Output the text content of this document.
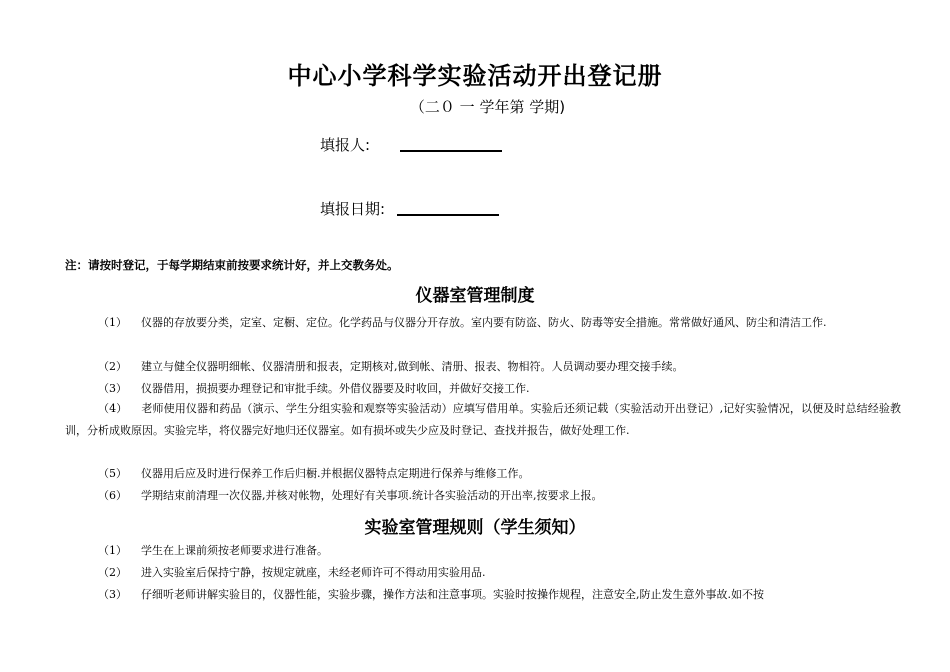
中心小学科学实验活动开出登记册
（二０ 一 学年第 学期)
填报人:
填报日期:
注：请按时登记，于每学期结束前按要求统计好，并上交教务处。
仪器室管理制度
（1） 仪器的存放要分类，定室、定橱、定位。化学药品与仪器分开存放。室内要有防盗、防火、防毒等安全措施。常常做好通风、防尘和清洁工作.
（2） 建立与健全仪器明细帐、仪器清册和报表，定期核对,做到帐、清册、报表、物相符。人员调动要办理交接手续。
（3） 仪器借用，损损要办理登记和审批手续。外借仪器要及时收回，并做好交接工作.
（4） 老师使用仪器和药品（演示、学生分组实验和观察等实验活动）应填写借用单。实验后还须记载（实验活动开出登记）,记好实验情况，以便及时总结经验教训，分析成败原因。实验完毕，将仪器完好地归还仪器室。如有损坏或失少应及时登记、查找并报告，做好处理工作.
（5） 仪器用后应及时进行保养工作后归橱.并根据仪器特点定期进行保养与维修工作。
（6） 学期结束前清理一次仪器,并核对帐物，处理好有关事项.统计各实验活动的开出率,按要求上报。
实验室管理规则（学生须知）
（1） 学生在上课前须按老师要求进行准备。
（2） 进入实验室后保持宁静，按规定就座，未经老师许可不得动用实验用品.
（3） 仔细听老师讲解实验目的，仪器性能，实验步骤，操作方法和注意事项。实验时按操作规程，注意安全,防止发生意外事故.如不按
